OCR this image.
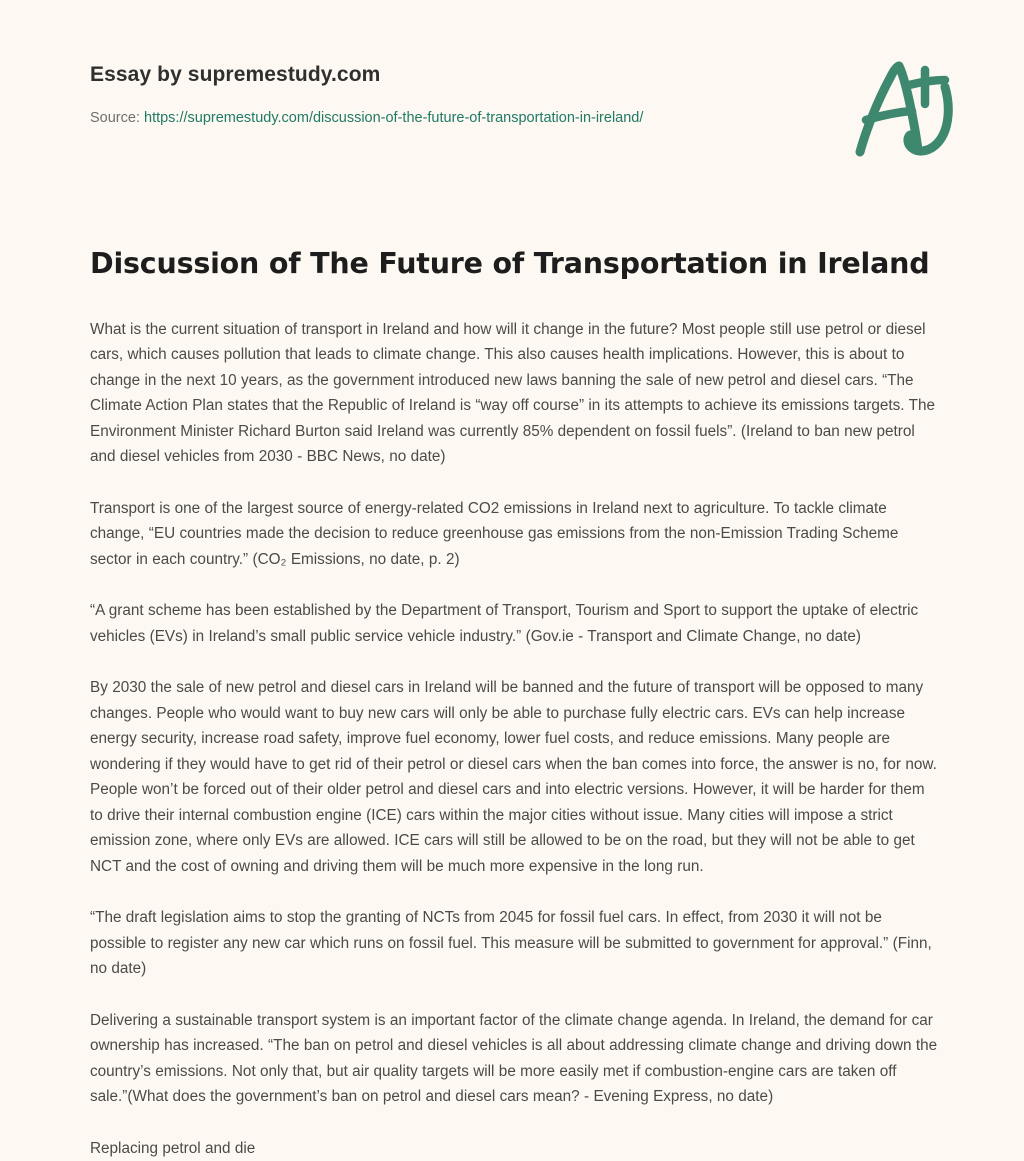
Essay by supremestudy.com
Source: https://supremestudy.com/discussion-of-the-future-of-transportation-in-ireland/
Discussion of The Future of Transportation in Ireland

What is the current situation of transport in Ireland and how will it change in the future? Most people still use petrol or diesel cars, which causes pollution that leads to climate change. This also causes health implications. However, this is about to change in the next 10 years, as the government introduced new laws banning the sale of new petrol and diesel cars. “The Climate Action Plan states that the Republic of Ireland is “way off course” in its attempts to achieve its emissions targets. The Environment Minister Richard Burton said Ireland was currently 85% dependent on fossil fuels”. (Ireland to ban new petrol and diesel vehicles from 2030 - BBC News, no date)

Transport is one of the largest source of energy-related CO2 emissions in Ireland next to agriculture. To tackle climate change, “EU countries made the decision to reduce greenhouse gas emissions from the non-Emission Trading Scheme sector in each country.” (CO₂ Emissions, no date, p. 2)

“A grant scheme has been established by the Department of Transport, Tourism and Sport to support the uptake of electric vehicles (EVs) in Ireland’s small public service vehicle industry.” (Gov.ie - Transport and Climate Change, no date)

By 2030 the sale of new petrol and diesel cars in Ireland will be banned and the future of transport will be opposed to many changes. People who would want to buy new cars will only be able to purchase fully electric cars. EVs can help increase energy security, increase road safety, improve fuel economy, lower fuel costs, and reduce emissions. Many people are wondering if they would have to get rid of their petrol or diesel cars when the ban comes into force, the answer is no, for now. People won’t be forced out of their older petrol and diesel cars and into electric versions. However, it will be harder for them to drive their internal combustion engine (ICE) cars within the major cities without issue. Many cities will impose a strict emission zone, where only EVs are allowed. ICE cars will still be allowed to be on the road, but they will not be able to get NCT and the cost of owning and driving them will be much more expensive in the long run.

“The draft legislation aims to stop the granting of NCTs from 2045 for fossil fuel cars. In effect, from 2030 it will not be possible to register any new car which runs on fossil fuel. This measure will be submitted to government for approval.” (Finn, no date)

Delivering a sustainable transport system is an important factor of the climate change agenda. In Ireland, the demand for car ownership has increased. “The ban on petrol and diesel vehicles is all about addressing climate change and driving down the country’s emissions. Not only that, but air quality targets will be more easily met if combustion-engine cars are taken off sale.”(What does the government’s ban on petrol and diesel cars mean? - Evening Express, no date)

Replacing petrol and die
